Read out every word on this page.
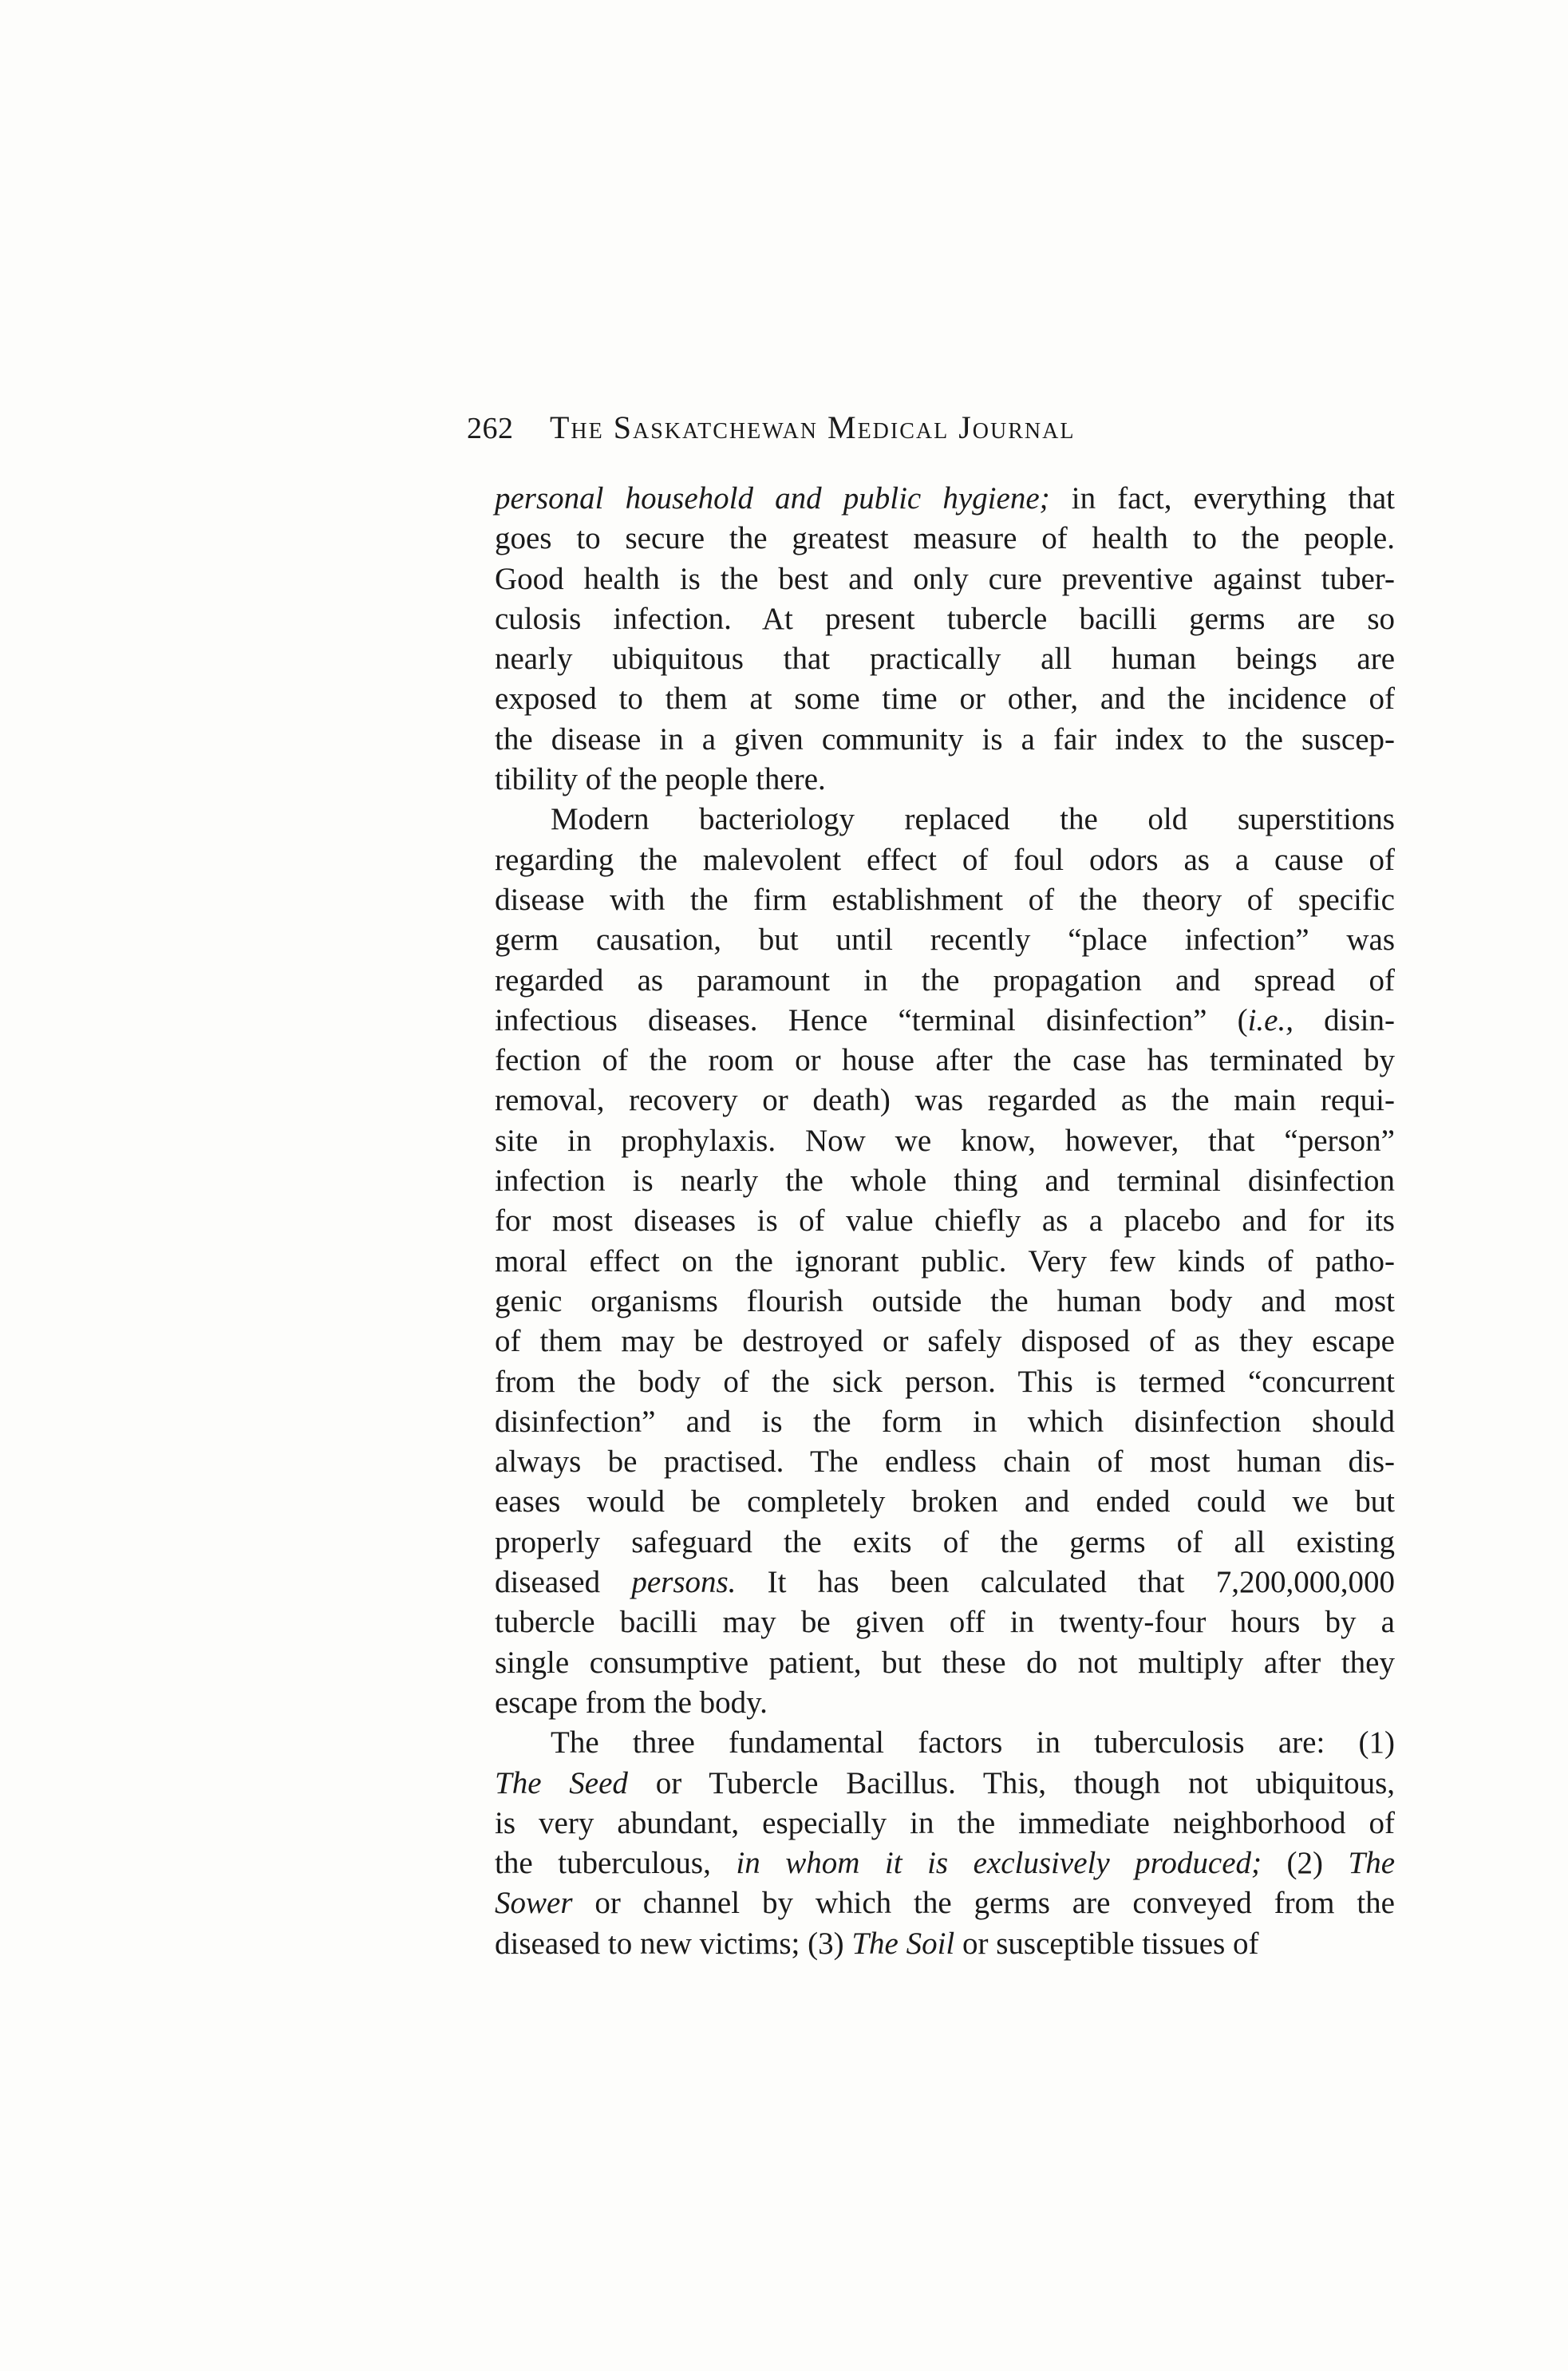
262	The Saskatchewan Medical Journal
personal household and public hygiene; in fact, everything that
goes to secure the greatest measure of health to the people.
Good health is the best and only cure preventive against tuber-
culosis infection. At present tubercle bacilli germs are so
nearly ubiquitous that practically all human beings are
exposed to them at some time or other, and the incidence of
the disease in a given community is a fair index to the suscep-
tibility of the people there.
Modern bacteriology replaced the old superstitions
regarding the malevolent effect of foul odors as a cause of
disease with the firm establishment of the theory of specific
germ causation, but until recently “place infection” was
regarded as paramount in the propagation and spread of
infectious diseases. Hence “terminal disinfection” (i.e., disin-
fection of the room or house after the case has terminated by
removal, recovery or death) was regarded as the main requi-
site in prophylaxis. Now we know, however, that “person”
infection is nearly the whole thing and terminal disinfection
for most diseases is of value chiefly as a placebo and for its
moral effect on the ignorant public. Very few kinds of patho-
genic organisms flourish outside the human body and most
of them may be destroyed or safely disposed of as they escape
from the body of the sick person. This is termed “concurrent
disinfection” and is the form in which disinfection should
always be practised. The endless chain of most human dis-
eases would be completely broken and ended could we but
properly safeguard the exits of the germs of all existing
diseased persons. It has been calculated that 7,200,000,000
tubercle bacilli may be given off in twenty-four hours by a
single consumptive patient, but these do not multiply after they
escape from the body.
The three fundamental factors in tuberculosis are: (1)
The Seed or Tubercle Bacillus. This, though not ubiquitous,
is very abundant, especially in the immediate neighborhood of
the tuberculous, in whom it is exclusively produced; (2) The
Sower or channel by which the germs are conveyed from the
diseased to new victims; (3) The Soil or susceptible tissues of
